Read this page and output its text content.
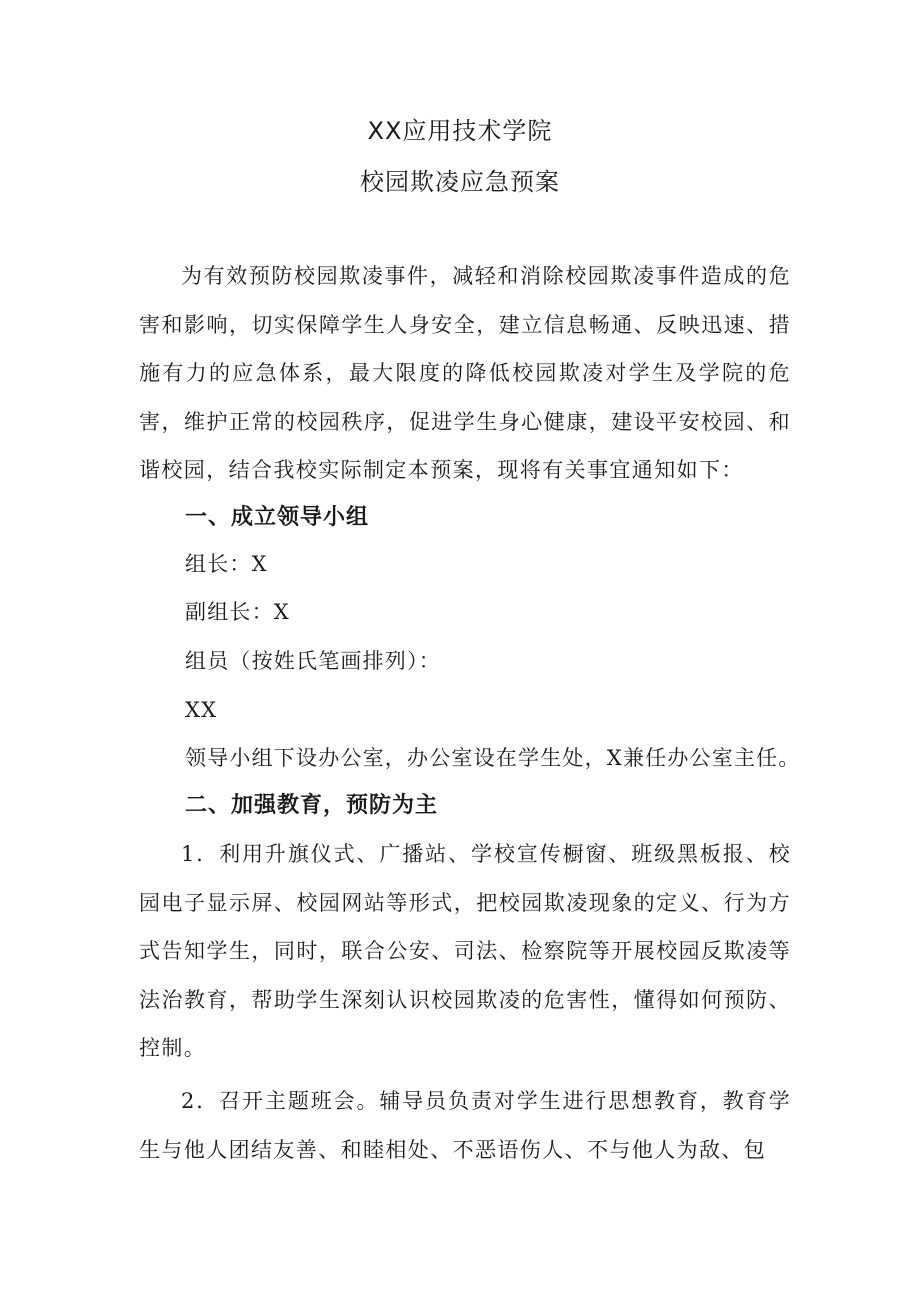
XX应用技术学院
校园欺凌应急预案

为有效预防校园欺凌事件，减轻和消除校园欺凌事件造成的危害和影响，切实保障学生人身安全，建立信息畅通、反映迅速、措施有力的应急体系，最大限度的降低校园欺凌对学生及学院的危害，维护正常的校园秩序，促进学生身心健康，建设平安校园、和谐校园，结合我校实际制定本预案，现将有关事宜通知如下：

一、成立领导小组

组长：X

副组长：X

组员（按姓氏笔画排列）：

XX

领导小组下设办公室，办公室设在学生处，X兼任办公室主任。

二、加强教育，预防为主

1．利用升旗仪式、广播站、学校宣传橱窗、班级黑板报、校园电子显示屏、校园网站等形式，把校园欺凌现象的定义、行为方式告知学生，同时，联合公安、司法、检察院等开展校园反欺凌等法治教育，帮助学生深刻认识校园欺凌的危害性，懂得如何预防、控制。

2．召开主题班会。辅导员负责对学生进行思想教育，教育学生与他人团结友善、和睦相处、不恶语伤人、不与他人为敌、包
